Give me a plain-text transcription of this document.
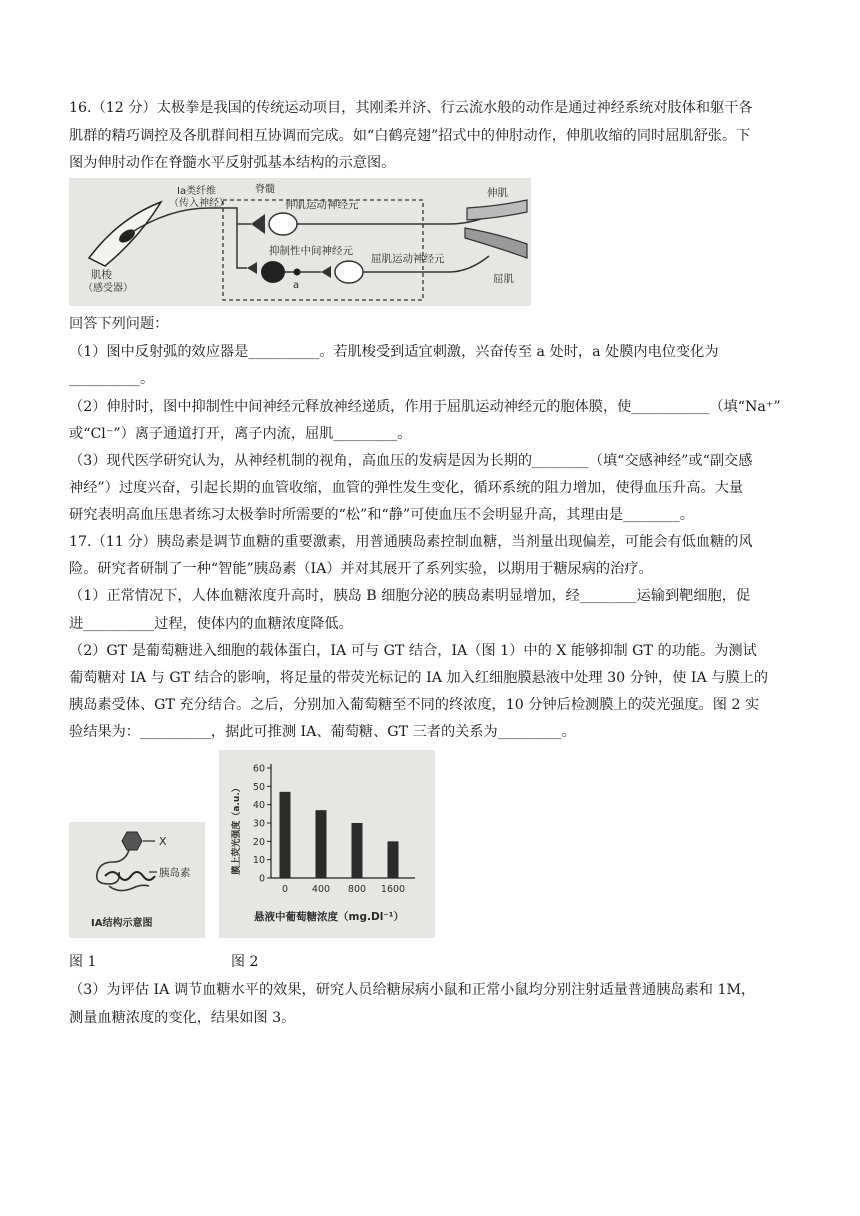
16.（12 分）太极拳是我国的传统运动项目，其刚柔并济、行云流水般的动作是通过神经系统对肢体和躯干各
肌群的精巧调控及各肌群间相互协调而完成。如“白鹤亮翅”招式中的伸肘动作，伸肌收缩的同时屈肌舒张。下
图为伸肘动作在脊髓水平反射弧基本结构的示意图。
Ia类纤维
（传入神经）
脊髓
伸肌运动神经元
抑制性中间神经元
屈肌运动神经元
a
伸肌
屈肌
肌梭
（感受器）
回答下列问题：
（1）图中反射弧的效应器是__________。若肌梭受到适宜刺激，兴奋传至 a 处时，a 处膜内电位变化为
__________。
（2）伸肘时，图中抑制性中间神经元释放神经递质，作用于屈肌运动神经元的胞体膜，使___________（填“Na⁺”
或“Cl⁻”）离子通道打开，离子内流，屈肌_________。
（3）现代医学研究认为，从神经机制的视角，高血压的发病是因为长期的________（填“交感神经”或“副交感
神经”）过度兴奋，引起长期的血管收缩，血管的弹性发生变化，循环系统的阻力增加，使得血压升高。大量
研究表明高血压患者练习太极拳时所需要的“松”和“静”可使血压不会明显升高，其理由是________。
17.（11 分）胰岛素是调节血糖的重要激素，用普通胰岛素控制血糖，当剂量出现偏差，可能会有低血糖的风
险。研究者研制了一种“智能”胰岛素（IA）并对其展开了系列实验，以期用于糖尿病的治疗。
（1）正常情况下，人体血糖浓度升高时，胰岛 B 细胞分泌的胰岛素明显增加，经________运输到靶细胞，促
进__________过程，使体内的血糖浓度降低。
（2）GT 是葡萄糖进入细胞的载体蛋白，IA 可与 GT 结合，IA（图 1）中的 X 能够抑制 GT 的功能。为测试
葡萄糖对 IA 与 GT 结合的影响，将足量的带荧光标记的 IA 加入红细胞膜悬液中处理 30 分钟，使 IA 与膜上的
胰岛素受体、GT 充分结合。之后，分别加入葡萄糖至不同的终浓度，10 分钟后检测膜上的荧光强度。图 2 实
验结果为：__________，据此可推测 IA、葡萄糖、GT 三者的关系为_________。
X
胰岛素
IA结构示意图
0
10
20
30
40
50
60
0	400 800 1600
膜上荧光强度（a.u.）
悬液中葡萄糖浓度（mg.Dl⁻¹）
图 1	图 2
（3）为评估 IA 调节血糖水平的效果，研究人员给糖尿病小鼠和正常小鼠均分别注射适量普通胰岛素和 1M，
测量血糖浓度的变化，结果如图 3。
